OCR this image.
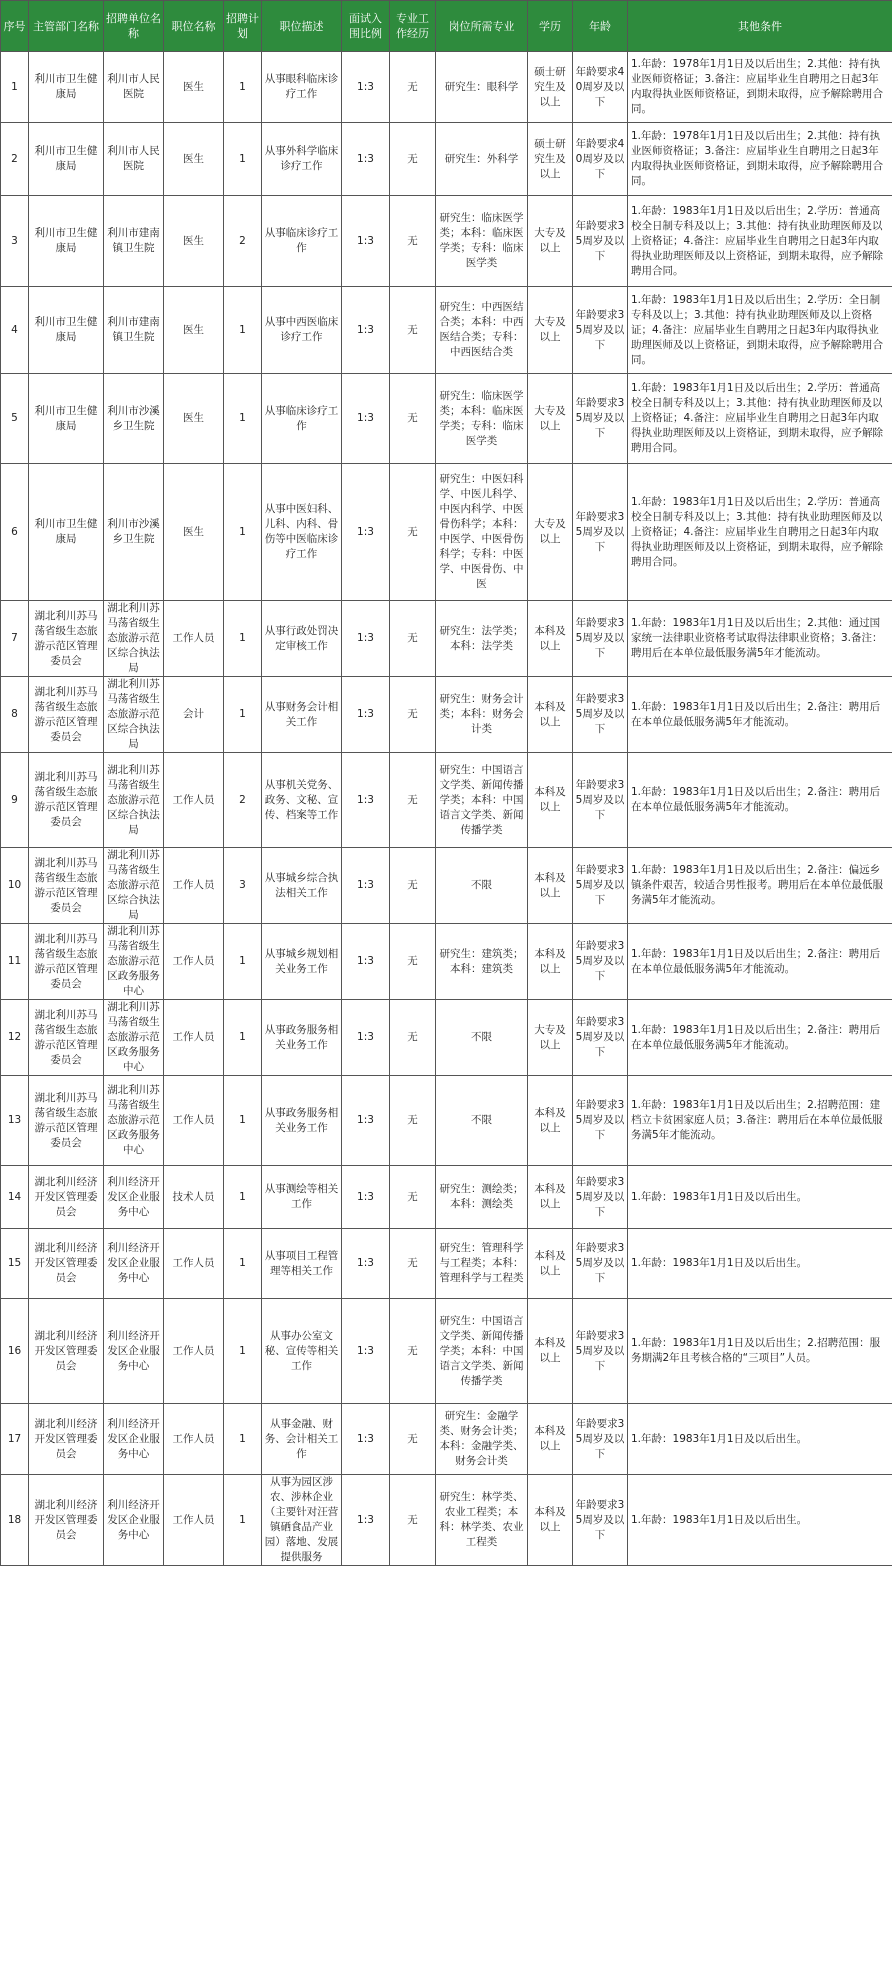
序号	主管部门名称	招聘单位名称	职位名称	招聘计划	职位描述	面试入围比例	专业工作经历	岗位所需专业	学历	年龄	其他条件
1	利川市卫生健康局	利川市人民医院	医生	1	从事眼科临床诊疗工作	1:3	无	研究生：眼科学	硕士研究生及以上	年龄要求40周岁及以下	1.年龄：1978年1月1日及以后出生；2.其他：持有执业医师资格证；3.备注：应届毕业生自聘用之日起3年内取得执业医师资格证，到期未取得，应予解除聘用合同。
2	利川市卫生健康局	利川市人民医院	医生	1	从事外科学临床诊疗工作	1:3	无	研究生：外科学	硕士研究生及以上	年龄要求40周岁及以下	1.年龄：1978年1月1日及以后出生；2.其他：持有执业医师资格证；3.备注：应届毕业生自聘用之日起3年内取得执业医师资格证，到期未取得，应予解除聘用合同。
3	利川市卫生健康局	利川市建南镇卫生院	医生	2	从事临床诊疗工作	1:3	无	研究生：临床医学类；本科：临床医学类；专科：临床医学类	大专及以上	年龄要求35周岁及以下	1.年龄：1983年1月1日及以后出生；2.学历：普通高校全日制专科及以上；3.其他：持有执业助理医师及以上资格证；4.备注：应届毕业生自聘用之日起3年内取得执业助理医师及以上资格证，到期未取得，应予解除聘用合同。
4	利川市卫生健康局	利川市建南镇卫生院	医生	1	从事中西医临床诊疗工作	1:3	无	研究生：中西医结合类；本科：中西医结合类；专科：中西医结合类	大专及以上	年龄要求35周岁及以下	1.年龄：1983年1月1日及以后出生；2.学历：全日制专科及以上；3.其他：持有执业助理医师及以上资格证；4.备注：应届毕业生自聘用之日起3年内取得执业助理医师及以上资格证，到期未取得，应予解除聘用合同。
5	利川市卫生健康局	利川市沙溪乡卫生院	医生	1	从事临床诊疗工作	1:3	无	研究生：临床医学类；本科：临床医学类；专科：临床医学类	大专及以上	年龄要求35周岁及以下	1.年龄：1983年1月1日及以后出生；2.学历：普通高校全日制专科及以上；3.其他：持有执业助理医师及以上资格证；4.备注：应届毕业生自聘用之日起3年内取得执业助理医师及以上资格证，到期未取得，应予解除聘用合同。
6	利川市卫生健康局	利川市沙溪乡卫生院	医生	1	从事中医妇科、儿科、内科、骨伤等中医临床诊疗工作	1:3	无	研究生：中医妇科学、中医儿科学、中医内科学、中医骨伤科学；本科：中医学、中医骨伤科学；专科：中医学、中医骨伤、中医	大专及以上	年龄要求35周岁及以下	1.年龄：1983年1月1日及以后出生；2.学历：普通高校全日制专科及以上；3.其他：持有执业助理医师及以上资格证；4.备注：应届毕业生自聘用之日起3年内取得执业助理医师及以上资格证，到期未取得，应予解除聘用合同。
7	湖北利川苏马荡省级生态旅游示范区管理委员会	湖北利川苏马荡省级生态旅游示范区综合执法局	工作人员	1	从事行政处罚决定审核工作	1:3	无	研究生：法学类；本科：法学类	本科及以上	年龄要求35周岁及以下	1.年龄：1983年1月1日及以后出生；2.其他：通过国家统一法律职业资格考试取得法律职业资格；3.备注：聘用后在本单位最低服务满5年才能流动。
8	湖北利川苏马荡省级生态旅游示范区管理委员会	湖北利川苏马荡省级生态旅游示范区综合执法局	会计	1	从事财务会计相关工作	1:3	无	研究生：财务会计类；本科：财务会计类	本科及以上	年龄要求35周岁及以下	1.年龄：1983年1月1日及以后出生；2.备注：聘用后在本单位最低服务满5年才能流动。
9	湖北利川苏马荡省级生态旅游示范区管理委员会	湖北利川苏马荡省级生态旅游示范区综合执法局	工作人员	2	从事机关党务、政务、文秘、宣传、档案等工作	1:3	无	研究生：中国语言文学类、新闻传播学类；本科：中国语言文学类、新闻传播学类	本科及以上	年龄要求35周岁及以下	1.年龄：1983年1月1日及以后出生；2.备注：聘用后在本单位最低服务满5年才能流动。
10	湖北利川苏马荡省级生态旅游示范区管理委员会	湖北利川苏马荡省级生态旅游示范区综合执法局	工作人员	3	从事城乡综合执法相关工作	1:3	无	不限	本科及以上	年龄要求35周岁及以下	1.年龄：1983年1月1日及以后出生；2.备注：偏远乡镇条件艰苦，较适合男性报考。聘用后在本单位最低服务满5年才能流动。
11	湖北利川苏马荡省级生态旅游示范区管理委员会	湖北利川苏马荡省级生态旅游示范区政务服务中心	工作人员	1	从事城乡规划相关业务工作	1:3	无	研究生：建筑类；本科：建筑类	本科及以上	年龄要求35周岁及以下	1.年龄：1983年1月1日及以后出生；2.备注：聘用后在本单位最低服务满5年才能流动。
12	湖北利川苏马荡省级生态旅游示范区管理委员会	湖北利川苏马荡省级生态旅游示范区政务服务中心	工作人员	1	从事政务服务相关业务工作	1:3	无	不限	大专及以上	年龄要求35周岁及以下	1.年龄：1983年1月1日及以后出生；2.备注：聘用后在本单位最低服务满5年才能流动。
13	湖北利川苏马荡省级生态旅游示范区管理委员会	湖北利川苏马荡省级生态旅游示范区政务服务中心	工作人员	1	从事政务服务相关业务工作	1:3	无	不限	本科及以上	年龄要求35周岁及以下	1.年龄：1983年1月1日及以后出生；2.招聘范围：建档立卡贫困家庭人员；3.备注：聘用后在本单位最低服务满5年才能流动。
14	湖北利川经济开发区管理委员会	利川经济开发区企业服务中心	技术人员	1	从事测绘等相关工作	1:3	无	研究生：测绘类；本科：测绘类	本科及以上	年龄要求35周岁及以下	1.年龄：1983年1月1日及以后出生。
15	湖北利川经济开发区管理委员会	利川经济开发区企业服务中心	工作人员	1	从事项目工程管理等相关工作	1:3	无	研究生：管理科学与工程类；本科：管理科学与工程类	本科及以上	年龄要求35周岁及以下	1.年龄：1983年1月1日及以后出生。
16	湖北利川经济开发区管理委员会	利川经济开发区企业服务中心	工作人员	1	从事办公室文秘、宣传等相关工作	1:3	无	研究生：中国语言文学类、新闻传播学类；本科：中国语言文学类、新闻传播学类	本科及以上	年龄要求35周岁及以下	1.年龄：1983年1月1日及以后出生；2.招聘范围：服务期满2年且考核合格的“三项目”人员。
17	湖北利川经济开发区管理委员会	利川经济开发区企业服务中心	工作人员	1	从事金融、财务、会计相关工作	1:3	无	研究生：金融学类、财务会计类；本科：金融学类、财务会计类	本科及以上	年龄要求35周岁及以下	1.年龄：1983年1月1日及以后出生。
18	湖北利川经济开发区管理委员会	利川经济开发区企业服务中心	工作人员	1	从事为园区涉农、涉林企业（主要针对汪营镇硒食品产业园）落地、发展提供服务	1:3	无	研究生：林学类、农业工程类；本科：林学类、农业工程类	本科及以上	年龄要求35周岁及以下	1.年龄：1983年1月1日及以后出生。
